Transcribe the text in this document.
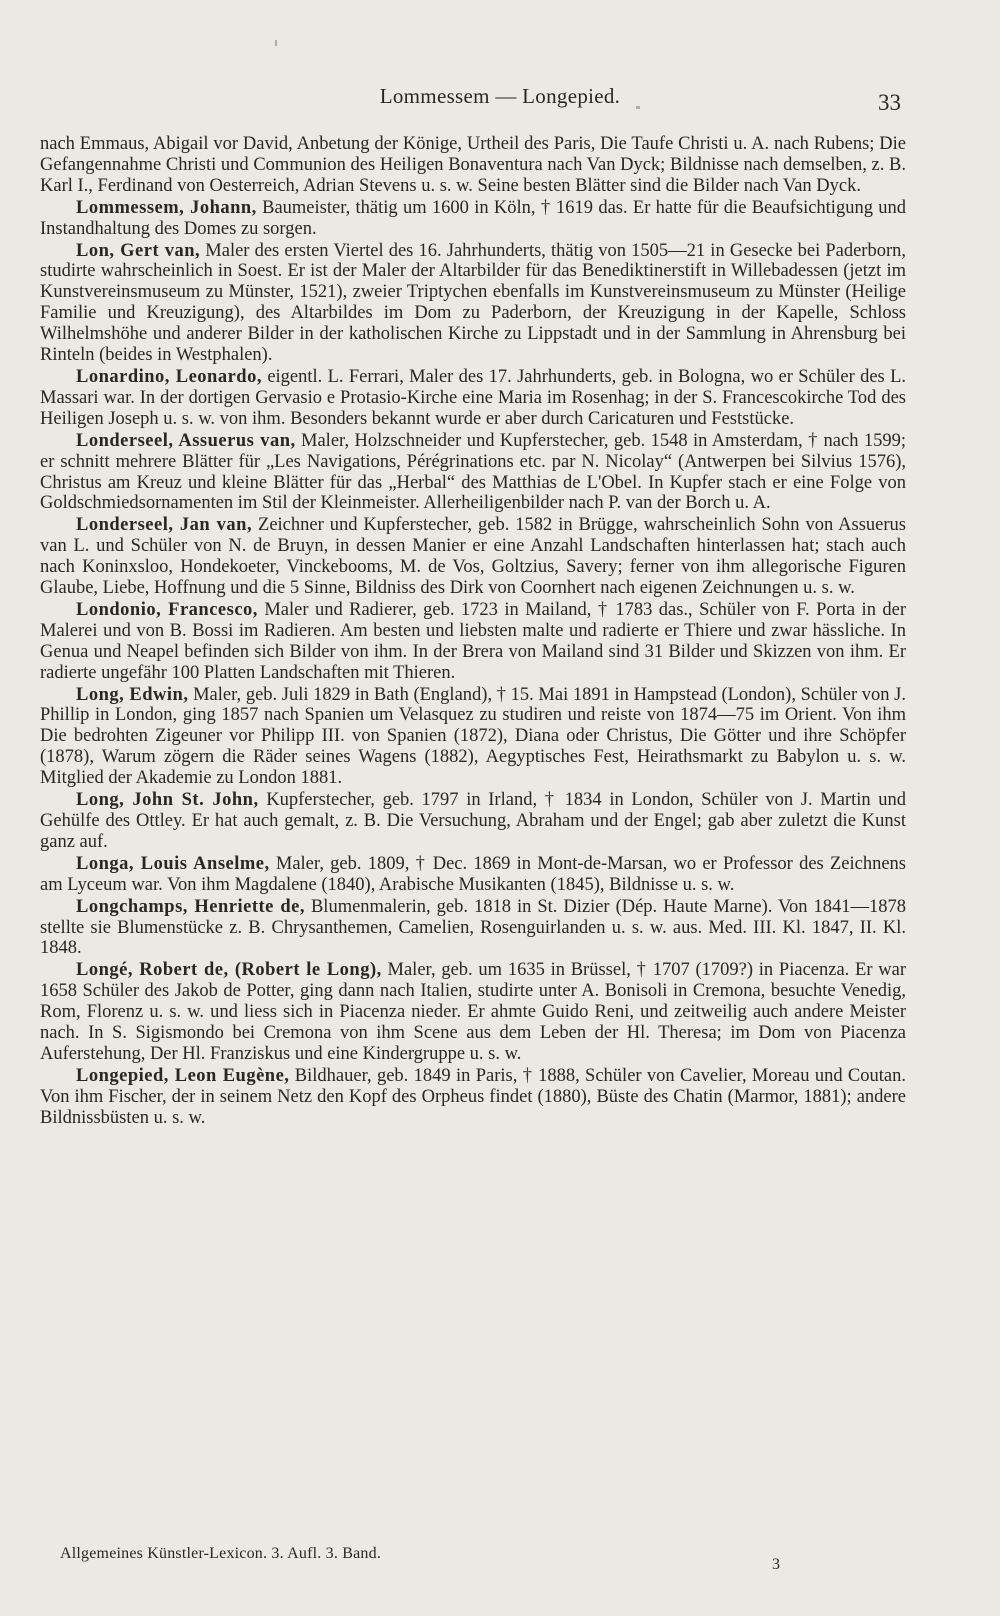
Lommessem — Longepied.	33

nach Emmaus, Abigail vor David, Anbetung der Könige, Urtheil des Paris, Die Taufe Christi u. A. nach Rubens; Die Gefangennahme Christi und Communion des Heiligen Bonaventura nach Van Dyck; Bildnisse nach demselben, z. B. Karl I., Ferdinand von Oesterreich, Adrian Stevens u. s. w. Seine besten Blätter sind die Bilder nach Van Dyck.

Lommessem, Johann, Baumeister, thätig um 1600 in Köln, † 1619 das. Er hatte für die Beaufsichtigung und Instandhaltung des Domes zu sorgen.

Lon, Gert van, Maler des ersten Viertel des 16. Jahrhunderts, thätig von 1505—21 in Gesecke bei Paderborn, studirte wahrscheinlich in Soest. Er ist der Maler der Altarbilder für das Benediktinerstift in Willebadessen (jetzt im Kunstvereinsmuseum zu Münster, 1521), zweier Triptychen ebenfalls im Kunstvereinsmuseum zu Münster (Heilige Familie und Kreuzigung), des Altarbildes im Dom zu Paderborn, der Kreuzigung in der Kapelle, Schloss Wilhelmshöhe und anderer Bilder in der katholischen Kirche zu Lippstadt und in der Sammlung in Ahrensburg bei Rinteln (beides in Westphalen).

Lonardino, Leonardo, eigentl. L. Ferrari, Maler des 17. Jahrhunderts, geb. in Bologna, wo er Schüler des L. Massari war. In der dortigen Gervasio e Protasio-Kirche eine Maria im Rosenhag; in der S. Francescokirche Tod des Heiligen Joseph u. s. w. von ihm. Besonders bekannt wurde er aber durch Caricaturen und Feststücke.

Londerseel, Assuerus van, Maler, Holzschneider und Kupferstecher, geb. 1548 in Amsterdam, † nach 1599; er schnitt mehrere Blätter für „Les Navigations, Pérégrinations etc. par N. Nicolay“ (Antwerpen bei Silvius 1576), Christus am Kreuz und kleine Blätter für das „Herbal“ des Matthias de L'Obel. In Kupfer stach er eine Folge von Goldschmiedsornamenten im Stil der Kleinmeister. Allerheiligenbilder nach P. van der Borch u. A.

Londerseel, Jan van, Zeichner und Kupferstecher, geb. 1582 in Brügge, wahrscheinlich Sohn von Assuerus van L. und Schüler von N. de Bruyn, in dessen Manier er eine Anzahl Landschaften hinterlassen hat; stach auch nach Koninxsloo, Hondekoeter, Vinckebooms, M. de Vos, Goltzius, Savery; ferner von ihm allegorische Figuren Glaube, Liebe, Hoffnung und die 5 Sinne, Bildniss des Dirk von Coornhert nach eigenen Zeichnungen u. s. w.

Londonio, Francesco, Maler und Radierer, geb. 1723 in Mailand, † 1783 das., Schüler von F. Porta in der Malerei und von B. Bossi im Radieren. Am besten und liebsten malte und radierte er Thiere und zwar hässliche. In Genua und Neapel befinden sich Bilder von ihm. In der Brera von Mailand sind 31 Bilder und Skizzen von ihm. Er radierte ungefähr 100 Platten Landschaften mit Thieren.

Long, Edwin, Maler, geb. Juli 1829 in Bath (England), † 15. Mai 1891 in Hampstead (London), Schüler von J. Phillip in London, ging 1857 nach Spanien um Velasquez zu studiren und reiste von 1874—75 im Orient. Von ihm Die bedrohten Zigeuner vor Philipp III. von Spanien (1872), Diana oder Christus, Die Götter und ihre Schöpfer (1878), Warum zögern die Räder seines Wagens (1882), Aegyptisches Fest, Heirathsmarkt zu Babylon u. s. w. Mitglied der Akademie zu London 1881.

Long, John St. John, Kupferstecher, geb. 1797 in Irland, † 1834 in London, Schüler von J. Martin und Gehülfe des Ottley. Er hat auch gemalt, z. B. Die Versuchung, Abraham und der Engel; gab aber zuletzt die Kunst ganz auf.

Longa, Louis Anselme, Maler, geb. 1809, † Dec. 1869 in Mont-de-Marsan, wo er Professor des Zeichnens am Lyceum war. Von ihm Magdalene (1840), Arabische Musikanten (1845), Bildnisse u. s. w.

Longchamps, Henriette de, Blumenmalerin, geb. 1818 in St. Dizier (Dép. Haute Marne). Von 1841—1878 stellte sie Blumenstücke z. B. Chrysanthemen, Camelien, Rosenguirlanden u. s. w. aus. Med. III. Kl. 1847, II. Kl. 1848.

Longé, Robert de, (Robert le Long), Maler, geb. um 1635 in Brüssel, † 1707 (1709?) in Piacenza. Er war 1658 Schüler des Jakob de Potter, ging dann nach Italien, studirte unter A. Bonisoli in Cremona, besuchte Venedig, Rom, Florenz u. s. w. und liess sich in Piacenza nieder. Er ahmte Guido Reni, und zeitweilig auch andere Meister nach. In S. Sigismondo bei Cremona von ihm Scene aus dem Leben der Hl. Theresa; im Dom von Piacenza Auferstehung, Der Hl. Franziskus und eine Kindergruppe u. s. w.

Longepied, Leon Eugène, Bildhauer, geb. 1849 in Paris, † 1888, Schüler von Cavelier, Moreau und Coutan. Von ihm Fischer, der in seinem Netz den Kopf des Orpheus findet (1880), Büste des Chatin (Marmor, 1881); andere Bildnissbüsten u. s. w.

Allgemeines Künstler-Lexicon. 3. Aufl. 3. Band.
3
